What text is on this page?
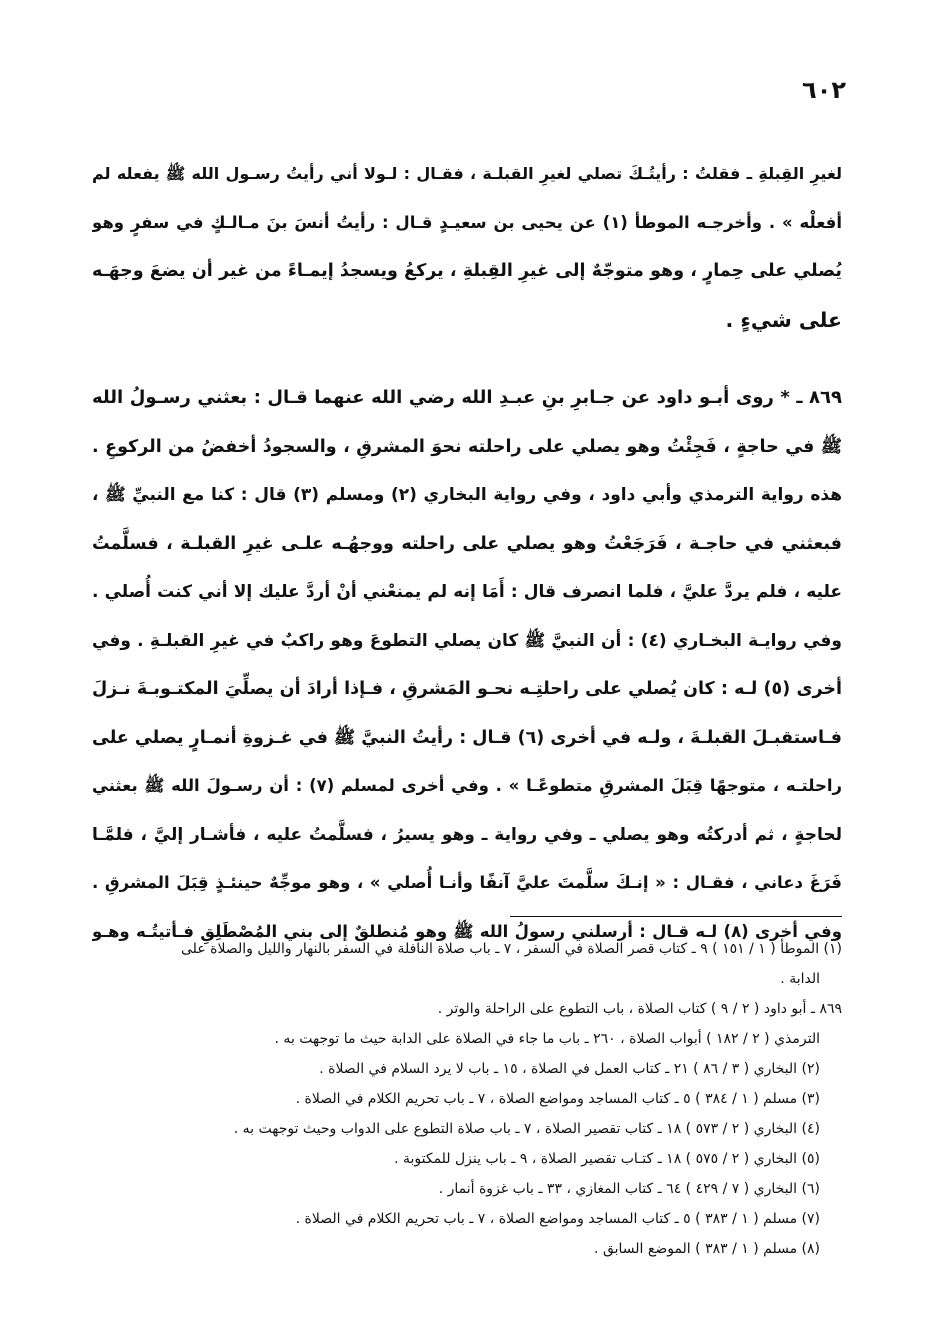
٦٠٢
لغيرِ القِبلةِ ـ فقلتُ : رأيتُـكَ تصلي لغيرِ القبلـة ، فقـال : لـولا أني رأيتُ رسـول الله ﷺ يفعله لم
أفعلْه » . وأخرجـه الموطأ (١) عن يحيى بن سعيـدٍ قـال : رأيتُ أنسَ بنَ مـالـكٍ في سفرٍ وهو
يُصلي على حِمارٍ ، وهو متوجّهٌ إلى غيرِ القِبلةِ ، يركعُ ويسجدُ إيمـاءً من غير أن يضعَ وجهَـه
على شيءٍ .
٨٦٩ ـ * روى أبـو داود عن جـابرِ بنِ عبـدِ الله رضي الله عنهما قـال : بعثني رسـولُ الله
ﷺ في حاجةٍ ، فَجِئْتُ وهو يصلي على راحلته نحوَ المشرقِ ، والسجودُ أخفضُ من الركوعِ .
هذه رواية الترمذي وأبي داود ، وفي رواية البخاري (٢) ومسلم (٣) قال : كنا مع النبيِّ ﷺ ،
فبعثني في حاجـة ، فَرَجَعْتُ وهو يصلي على راحلته ووجهُـه علـى غيرِ القبلـة ، فسلَّمتُ
عليه ، فلم يردَّ عليَّ ، فلما انصرف قال : أَمَا إنه لم يمنعْني أنْ أردَّ عليك إلا أني كنت أُصلي .
وفي روايـة البخـاري (٤) : أن النبيَّ ﷺ كان يصلي التطوعَ وهو راكبٌ في غيرِ القبلـةِ . وفي
أخرى (٥) لـه : كان يُصلي على راحلتِـه نحـو المَشرقِ ، فـإذا أرادَ أن يصلِّيَ المكتـوبـةَ نـزلَ
فـاستقبـلَ القبلـةَ ، ولـه في أخرى (٦) قـال : رأيتُ النبيَّ ﷺ في غـزوةِ أنمـارٍ يصلي على
راحلتـه ، متوجهًا قِبَلَ المشرقِ متطوعًـا » . وفي أخرى لمسلم (٧) : أن رسـولَ الله ﷺ بعثني
لحاجةٍ ، ثم أدركتُه وهو يصلي ـ وفي رواية ـ وهو يسيرُ ، فسلَّمتُ عليه ، فأشـار إليَّ ، فلمَّـا
فَرَغَ دعاني ، فقـال : « إنـكَ سلَّمتَ عليَّ آنفًا وأنـا أُصلي » ، وهو موجِّهٌ حينئـذٍ قِبَلَ المشرقِ .
وفي أخرى (٨) لـه قـال : أرسلني رسولُ الله ﷺ وهو مُنطلقٌ إلى بني المُصْطَلِقِ فـأتيتُـه وهـو
(١) الموطأ ( ١ / ١٥١ ) ٩ ـ كتاب قصر الصلاة في السفر ، ٧ ـ باب صلاة النافلة في السفر بالنهار والليل والصلاة على
الدابة .
٨٦٩ ـ أبو داود ( ٢ / ٩ ) كتاب الصلاة ، باب التطوع على الراحلة والوتر .
الترمذي ( ٢ / ١٨٢ ) أبواب الصلاة ، ٢٦٠ ـ باب ما جاء في الصلاة على الدابة حيث ما توجهت به .
(٢) البخاري ( ٣ / ٨٦ ) ٢١ ـ كتاب العمل في الصلاة ، ١٥ ـ باب لا يرد السلام في الصلاة .
(٣) مسلم ( ١ / ٣٨٤ ) ٥ ـ كتاب المساجد ومواضع الصلاة ، ٧ ـ باب تحريم الكلام في الصلاة .
(٤) البخاري ( ٢ / ٥٧٣ ) ١٨ ـ كتاب تقصير الصلاة ، ٧ ـ باب صلاة التطوع على الدواب وحيث توجهت به .
(٥) البخاري ( ٢ / ٥٧٥ ) ١٨ ـ كتـاب تقصير الصلاة ، ٩ ـ باب ينزل للمكتوبة .
(٦) البخاري ( ٧ / ٤٢٩ ) ٦٤ ـ كتاب المغازي ، ٣٣ ـ باب غزوة أنمار .
(٧) مسلم ( ١ / ٣٨٣ ) ٥ ـ كتاب المساجد ومواضع الصلاة ، ٧ ـ باب تحريم الكلام في الصلاة .
(٨) مسلم ( ١ / ٣٨٣ ) الموضع السابق .
